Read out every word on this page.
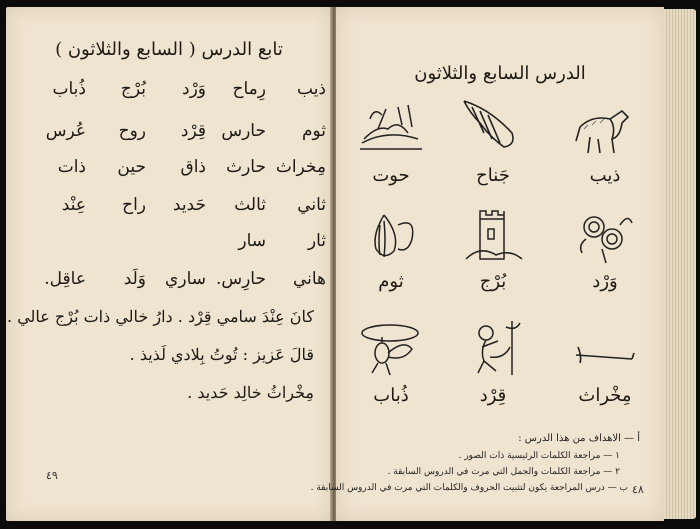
تابع الدرس ( السابع والثلاثون )
ذيبرِماحوَرْدبُرْجذُباب
ثومحارسقِرْدروحعُرس
مِخراثحارثذاقحينذات
ثانيثالثحَديدراحعِنْد
ثارسار
هانيحارِس.ساريوَلَدعاقِل.
كانَ عِنْدَ سامي قِرْد . دارُ خالي ذات بُرْج عالي .
قالَ عَزيز : تُوتُ بِلادي لَذيذ .
مِخْراثُ خالِد حَديد .
٤٩
الدرس السابع والثلاثون
ذيب
جَناح
حوت
وَرْد
بُرْج
ثوم
مِخْراث
قِرْد
ذُباب
أ — الاهداف من هذا الدرس :
١ — مراجعة الكلمات الرئيسية ذات الصور .
٢ — مراجعة الكلمات والجمل التي مرت في الدروس السابقة .
ب — درس المراجعة يكون لتثبيت الحروف والكلمات التي مرت في الدروس السابقة . ٤٨
